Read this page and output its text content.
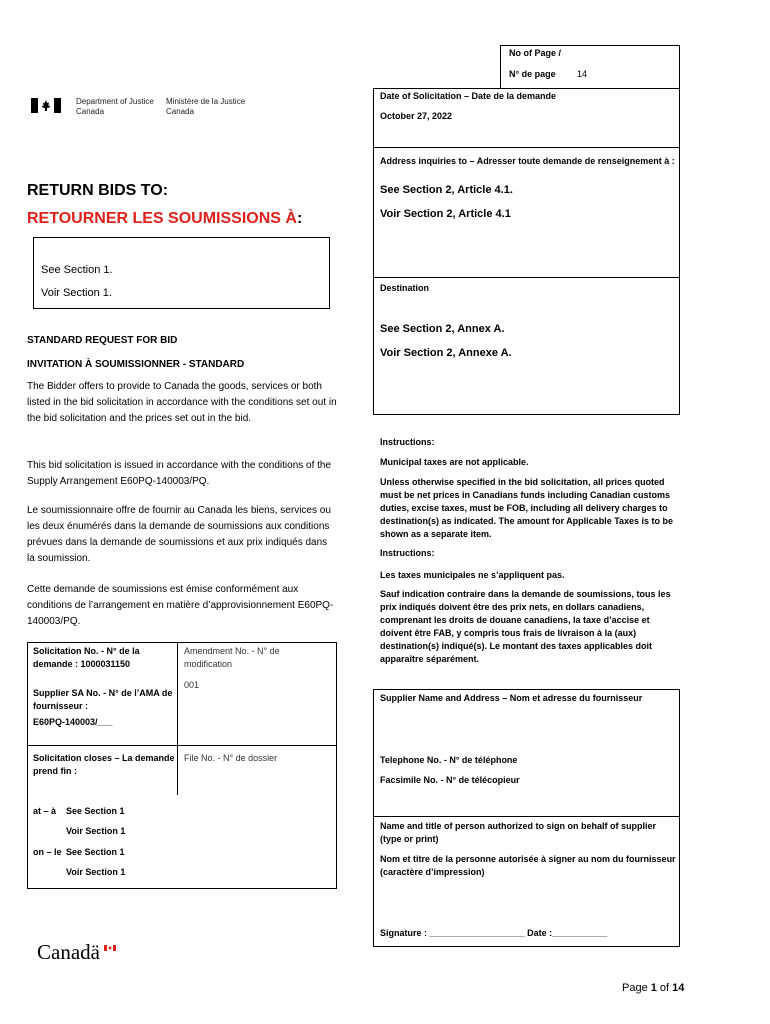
No of Page /
N° de page 14
Department of Justice
Canada
Ministère de la Justice
Canada
Date of Solicitation – Date de la demande
October 27, 2022
Address inquiries to – Adresser toute demande de renseignement à :
See Section 2, Article 4.1.
Voir Section 2, Article 4.1
Destination
See Section 2, Annex A.
Voir Section 2, Annexe A.
RETURN BIDS TO:
RETOURNER LES SOUMISSIONS À:
See Section 1.
Voir Section 1.
STANDARD REQUEST FOR BID
INVITATION À SOUMISSIONNER - STANDARD
The Bidder offers to provide to Canada the goods, services or both listed in the bid solicitation in accordance with the conditions set out in the bid solicitation and the prices set out in the bid.
This bid solicitation is issued in accordance with the conditions of the Supply Arrangement E60PQ-140003/PQ.
Le soumissionnaire offre de fournir au Canada les biens, services ou les deux énumérés dans la demande de soumissions aux conditions prévues dans la demande de soumissions et aux prix indiqués dans la soumission.
Cette demande de soumissions est émise conformément aux conditions de l’arrangement en matière d’approvisionnement E60PQ-140003/PQ.
Solicitation No. - N° de la demande : 1000031150
Amendment No. - N° de modification
001
Supplier SA No. - N° de l’AMA de fournisseur :
E60PQ-140003/___
Solicitation closes – La demande prend fin :
File No. - N° de dossier
at – à See Section 1
Voir Section 1
on – le See Section 1
Voir Section 1
Instructions:
Municipal taxes are not applicable.
Unless otherwise specified in the bid solicitation, all prices quoted must be net prices in Canadians funds including Canadian customs duties, excise taxes, must be FOB, including all delivery charges to destination(s) as indicated. The amount for Applicable Taxes is to be shown as a separate item.
Instructions:
Les taxes municipales ne s’appliquent pas.
Sauf indication contraire dans la demande de soumissions, tous les prix indiqués doivent être des prix nets, en dollars canadiens, comprenant les droits de douane canadiens, la taxe d’accise et doivent être FAB, y compris tous frais de livraison à la (aux) destination(s) indiqué(s). Le montant des taxes applicables doit apparaître séparément.
Supplier Name and Address – Nom et adresse du fournisseur
Telephone No. - N° de téléphone
Facsimile No. - N° de télécopieur
Name and title of person authorized to sign on behalf of supplier (type or print)
Nom et titre de la personne autorisée à signer au nom du fournisseur (caractère d’impression)
Signature : ___________________ Date :___________
Canadä
Page 1 of 14
